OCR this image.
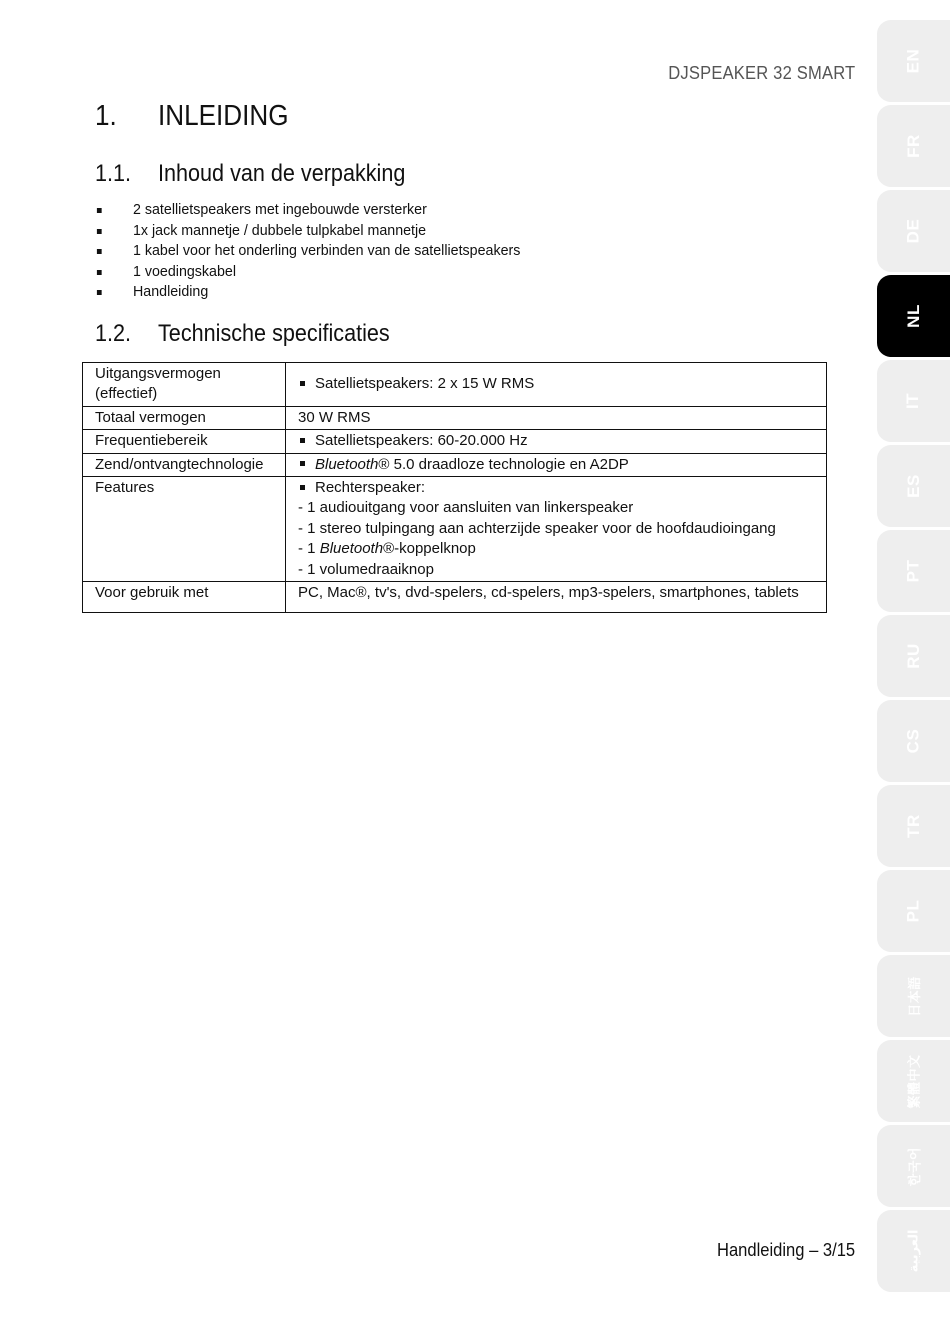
DJSPEAKER 32 SMART
1. INLEIDING
1.1. Inhoud van de verpakking
2 satellietspeakers met ingebouwde versterker
1x jack mannetje / dubbele tulpkabel mannetje
1 kabel voor het onderling verbinden van de satellietspeakers
1 voedingskabel
Handleiding
1.2. Technische specificaties
Uitgangsvermogen
(effectief)	Satellietspeakers: 2 x 15 W RMS
Totaal vermogen	30 W RMS
Frequentiebereik	Satellietspeakers: 60-20.000 Hz
Zend/ontvangtechnologie	Bluetooth® 5.0 draadloze technologie en A2DP
Features	Rechterspeaker:
- 1 audiouitgang voor aansluiten van linkerspeaker
- 1 stereo tulpingang aan achterzijde speaker voor de hoofdaudioingang
- 1 Bluetooth®-koppelknop
- 1 volumedraaiknop
Voor gebruik met	PC, Mac®, tv's, dvd-spelers, cd-spelers, mp3-spelers, smartphones, tablets
Handleiding – 3/15
EN
FR
DE
NL
IT
ES
PT
RU
CS
TR
PL
日本語
繁體中文
한국어
العربية
